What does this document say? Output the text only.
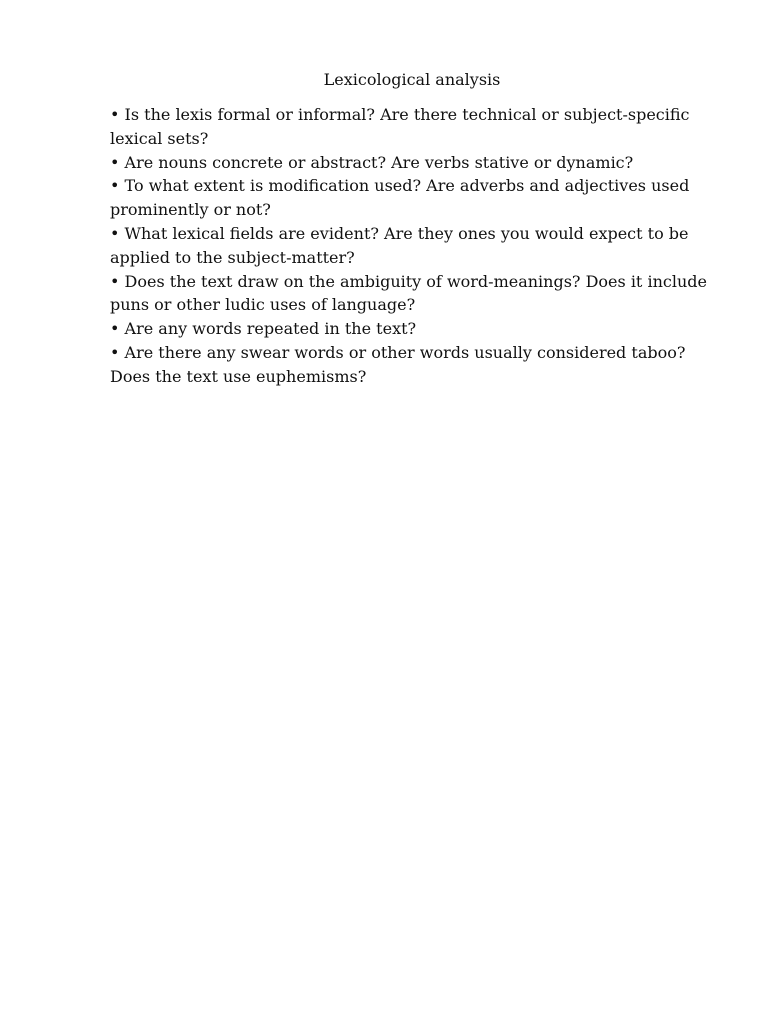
Lexicological analysis
• Is the lexis formal or informal? Are there technical or subject-specific
lexical sets?
• Are nouns concrete or abstract? Are verbs stative or dynamic?
• To what extent is modification used? Are adverbs and adjectives used
prominently or not?
• What lexical fields are evident? Are they ones you would expect to be
applied to the subject-matter?
• Does the text draw on the ambiguity of word-meanings? Does it include
puns or other ludic uses of language?
• Are any words repeated in the text?
• Are there any swear words or other words usually considered taboo?
Does the text use euphemisms?
